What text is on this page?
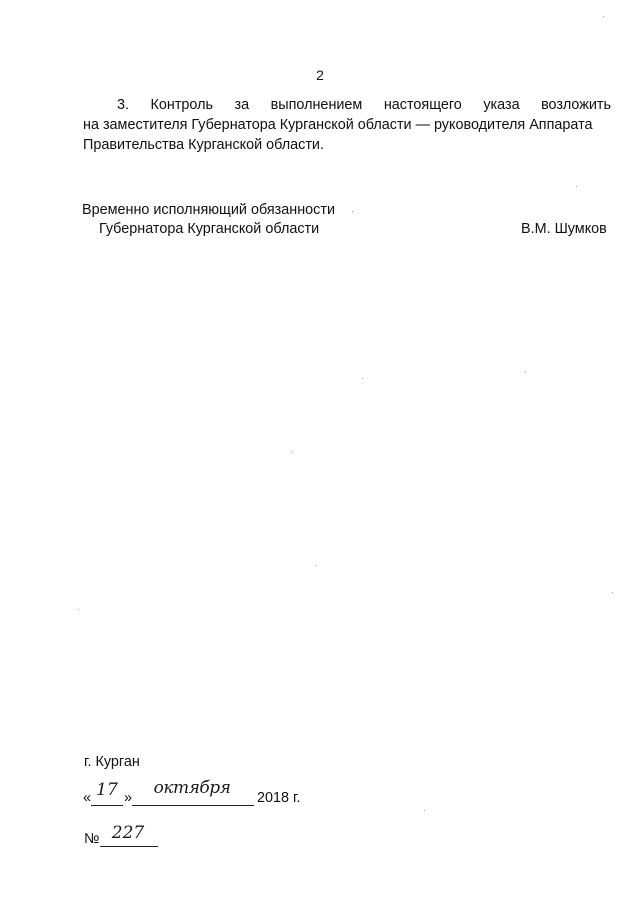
2
3. Контроль за выполнением настоящего указа возложить
на заместителя Губернатора Курганской области — руководителя Аппарата
Правительства Курганской области.
Временно исполняющий обязанности
Губернатора Курганской области	В.М. Шумков
г. Курган
« 17 »	октября	2018 г.
№ 227
